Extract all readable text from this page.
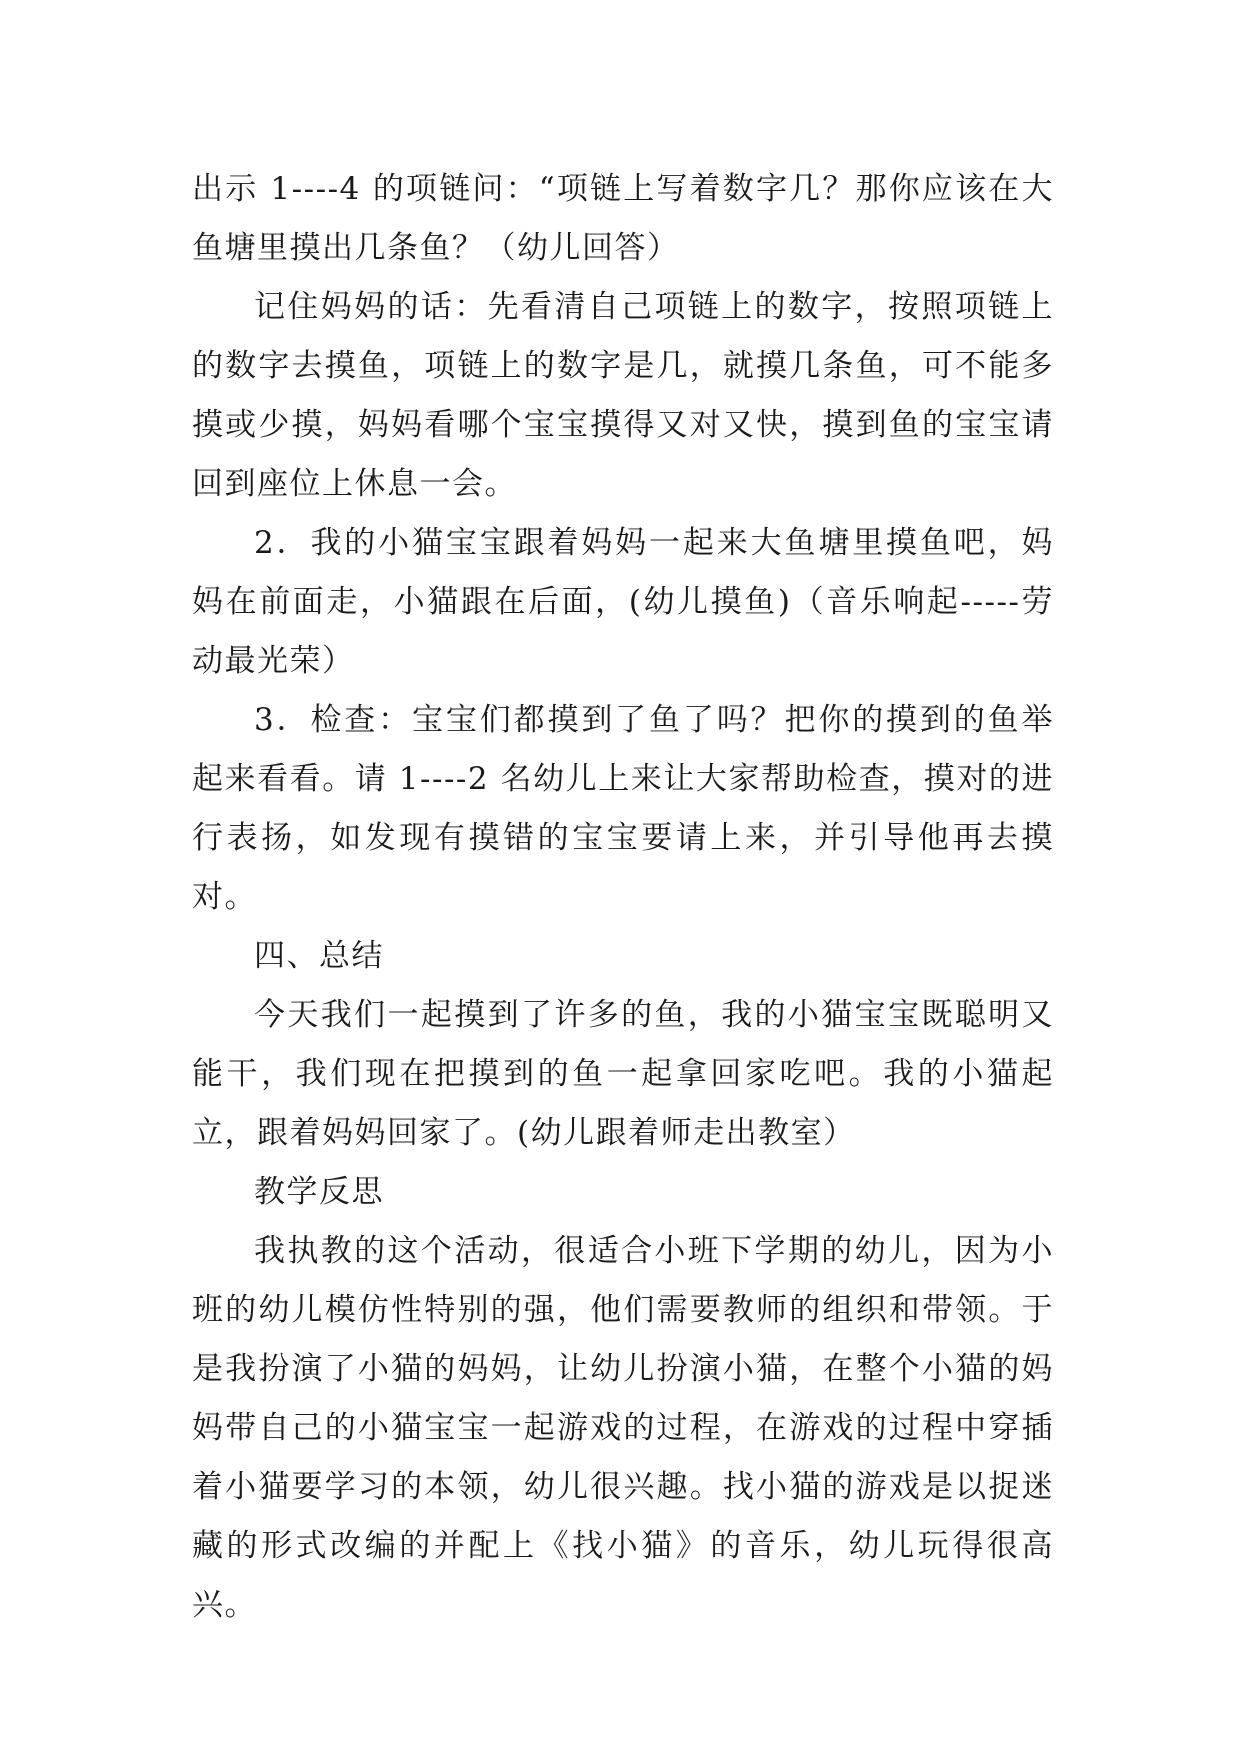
出示 1----4 的项链问：“项链上写着数字几？那你应该在大鱼塘里摸出几条鱼？（幼儿回答）

记住妈妈的话：先看清自己项链上的数字，按照项链上的数字去摸鱼，项链上的数字是几，就摸几条鱼，可不能多摸或少摸，妈妈看哪个宝宝摸得又对又快，摸到鱼的宝宝请回到座位上休息一会。

2．我的小猫宝宝跟着妈妈一起来大鱼塘里摸鱼吧，妈妈在前面走，小猫跟在后面，(幼儿摸鱼)（音乐响起-----劳动最光荣）

3．检查：宝宝们都摸到了鱼了吗？把你的摸到的鱼举起来看看。请 1----2 名幼儿上来让大家帮助检查，摸对的进行表扬，如发现有摸错的宝宝要请上来，并引导他再去摸对。

四、总结

今天我们一起摸到了许多的鱼，我的小猫宝宝既聪明又能干，我们现在把摸到的鱼一起拿回家吃吧。我的小猫起立，跟着妈妈回家了。(幼儿跟着师走出教室）

教学反思

我执教的这个活动，很适合小班下学期的幼儿，因为小班的幼儿模仿性特别的强，他们需要教师的组织和带领。于是我扮演了小猫的妈妈，让幼儿扮演小猫，在整个小猫的妈妈带自己的小猫宝宝一起游戏的过程，在游戏的过程中穿插着小猫要学习的本领，幼儿很兴趣。找小猫的游戏是以捉迷藏的形式改编的并配上《找小猫》的音乐，幼儿玩得很高兴。
